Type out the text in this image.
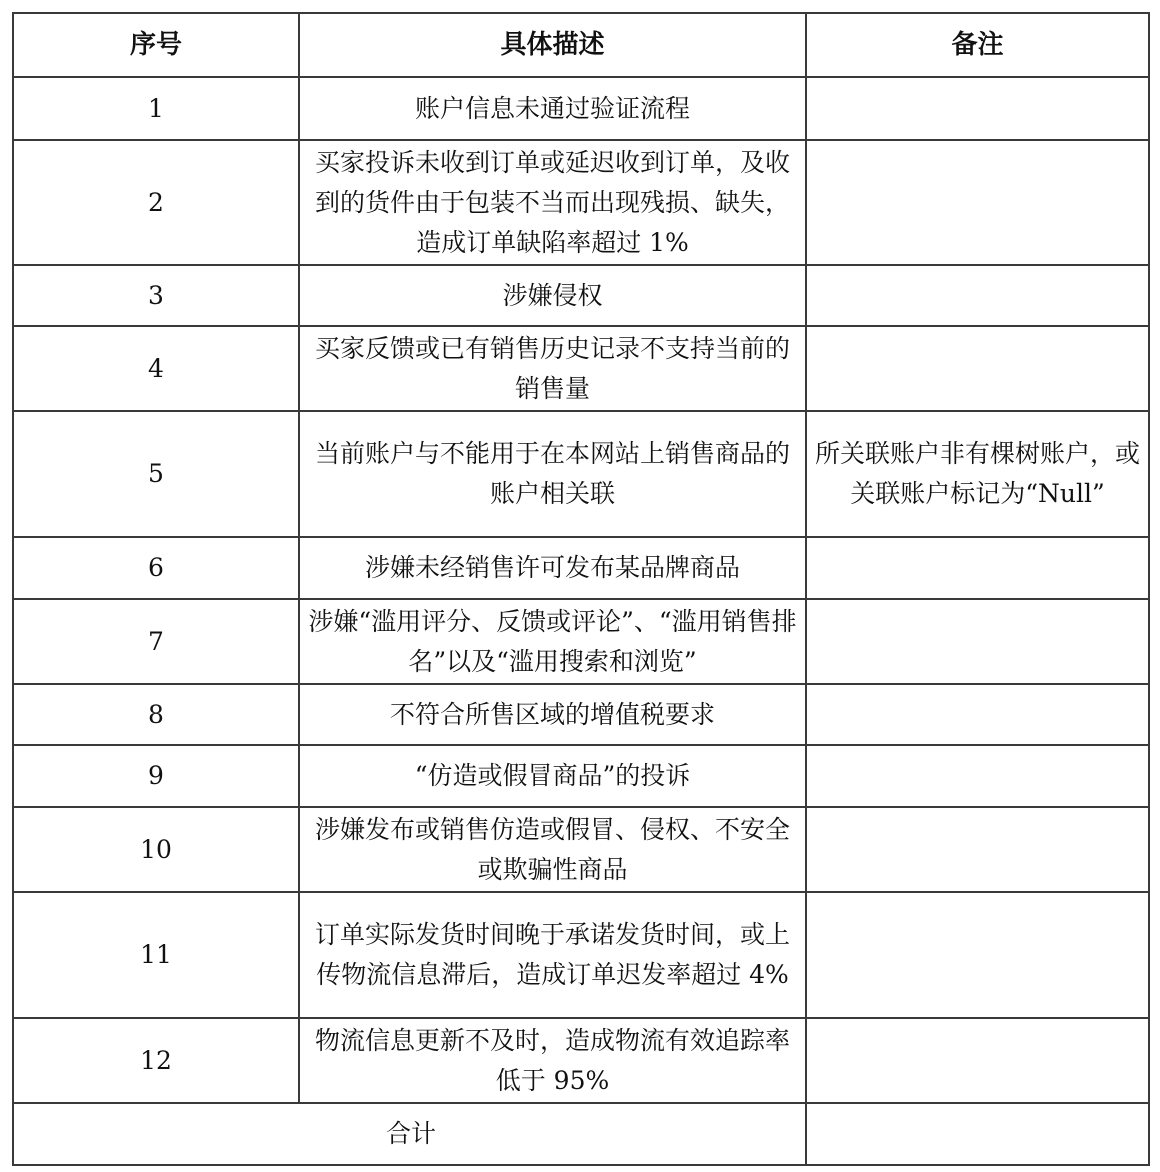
序号	具体描述	备注
1	账户信息未通过验证流程	
2	买家投诉未收到订单或延迟收到订单，及收到的货件由于包装不当而出现残损、缺失，造成订单缺陷率超过 1%	
3	涉嫌侵权	
4	买家反馈或已有销售历史记录不支持当前的销售量	
5	当前账户与不能用于在本网站上销售商品的账户相关联	所关联账户非有棵树账户，或关联账户标记为“Null”
6	涉嫌未经销售许可发布某品牌商品	
7	涉嫌“滥用评分、反馈或评论”、“滥用销售排名”以及“滥用搜索和浏览”	
8	不符合所售区域的增值税要求	
9	“仿造或假冒商品”的投诉	
10	涉嫌发布或销售仿造或假冒、侵权、不安全或欺骗性商品	
11	订单实际发货时间晚于承诺发货时间，或上传物流信息滞后，造成订单迟发率超过 4%	
12	物流信息更新不及时，造成物流有效追踪率低于 95%	
合计		
